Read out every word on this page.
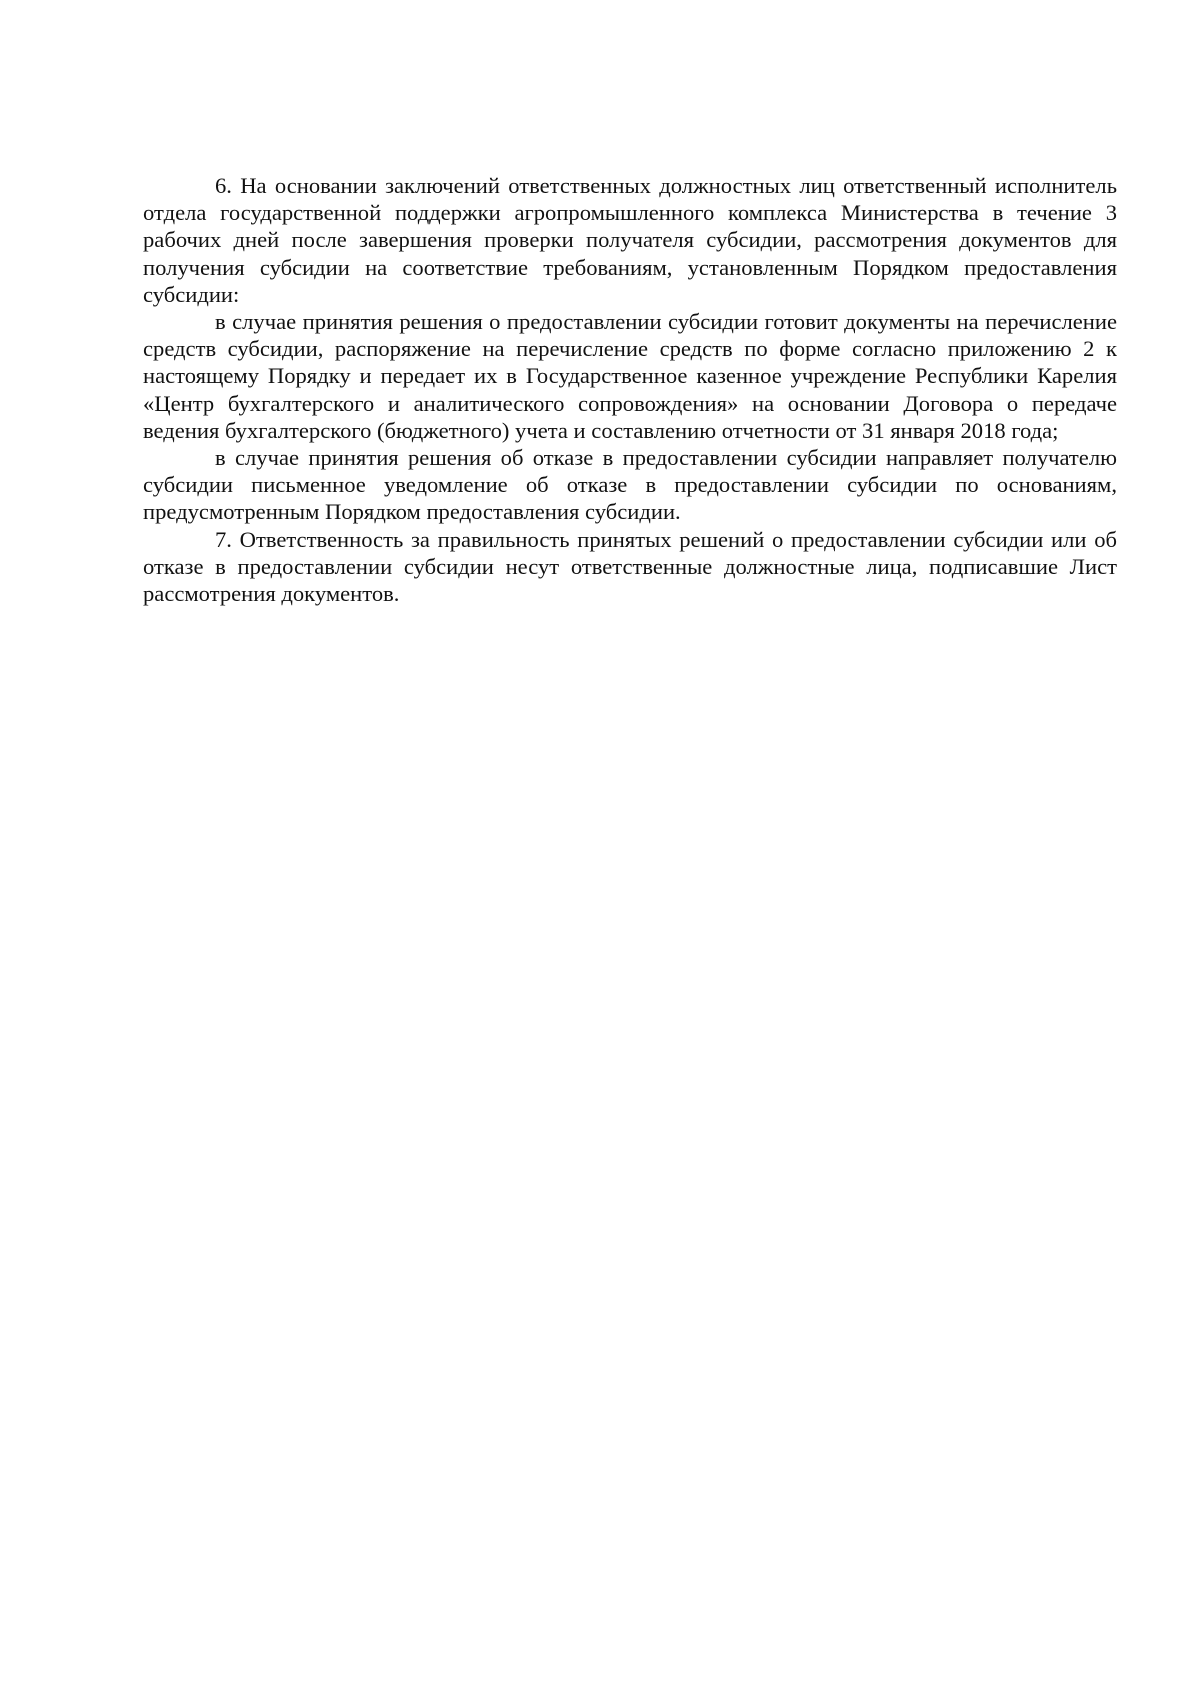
6. На основании заключений ответственных должностных лиц ответственный исполнитель отдела государственной поддержки агропромышленного комплекса Министерства в течение 3 рабочих дней после завершения проверки получателя субсидии, рассмотрения документов для получения субсидии на соответствие требованиям, установленным Порядком предоставления субсидии:

в случае принятия решения о предоставлении субсидии готовит документы на перечисление средств субсидии, распоряжение на перечисление средств по форме согласно приложению 2 к настоящему Порядку и передает их в Государственное казенное учреждение Республики Карелия «Центр бухгалтерского и аналитического сопровождения» на основании Договора о передаче ведения бухгалтерского (бюджетного) учета и составлению отчетности от 31 января 2018 года;

в случае принятия решения об отказе в предоставлении субсидии направляет получателю субсидии письменное уведомление об отказе в предоставлении субсидии по основаниям, предусмотренным Порядком предоставления субсидии.

7. Ответственность за правильность принятых решений о предоставлении субсидии или об отказе в предоставлении субсидии несут ответственные должностные лица, подписавшие Лист рассмотрения документов.
